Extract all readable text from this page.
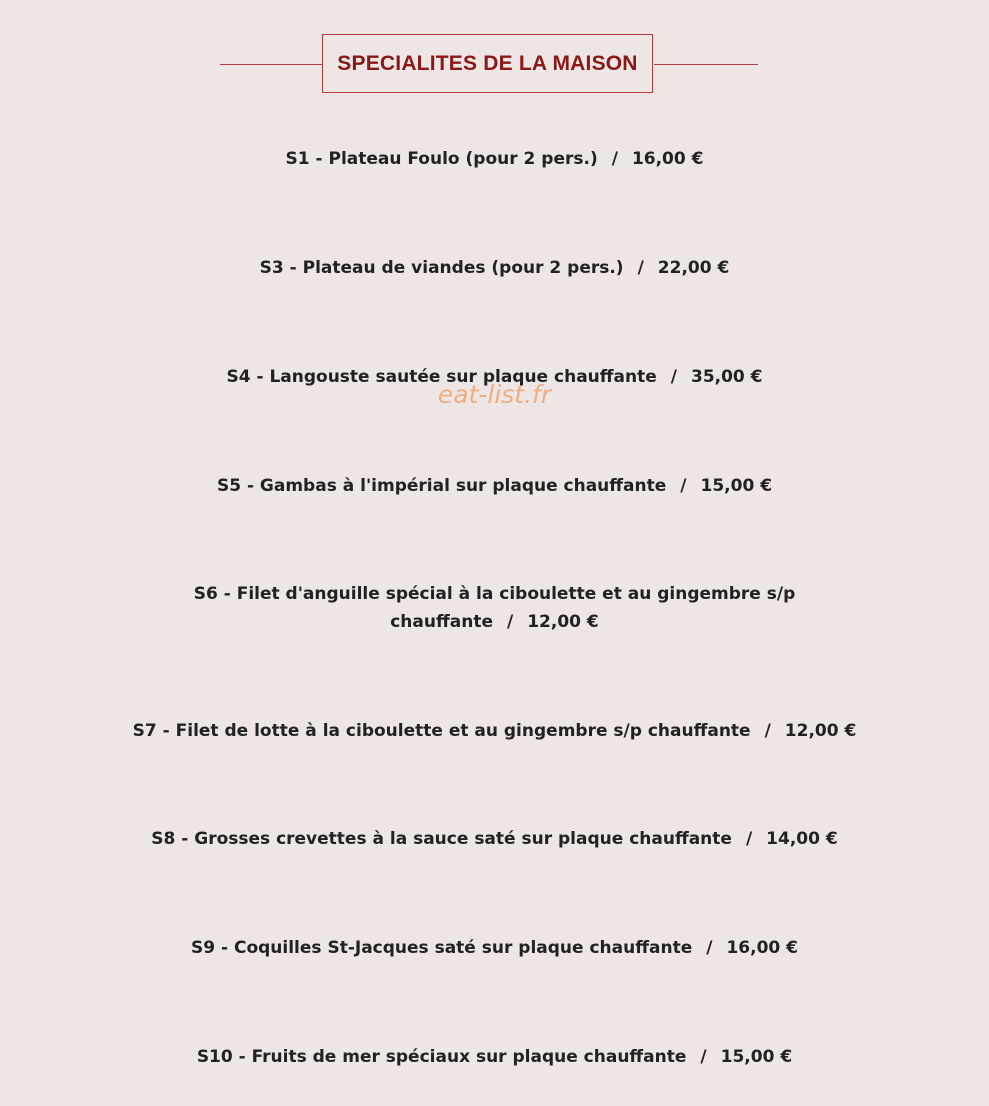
SPECIALITES DE LA MAISON
S1 - Plateau Foulo (pour 2 pers.) / 16,00 €
S3 - Plateau de viandes (pour 2 pers.) / 22,00 €
S4 - Langouste sautée sur plaque chauffante / 35,00 €
S5 - Gambas à l'impérial sur plaque chauffante / 15,00 €
S6 - Filet d'anguille spécial à la ciboulette et au gingembre s/p chauffante / 12,00 €
S7 - Filet de lotte à la ciboulette et au gingembre s/p chauffante / 12,00 €
S8 - Grosses crevettes à la sauce saté sur plaque chauffante / 14,00 €
S9 - Coquilles St-Jacques saté sur plaque chauffante / 16,00 €
S10 - Fruits de mer spéciaux sur plaque chauffante / 15,00 €
eat-list.fr
